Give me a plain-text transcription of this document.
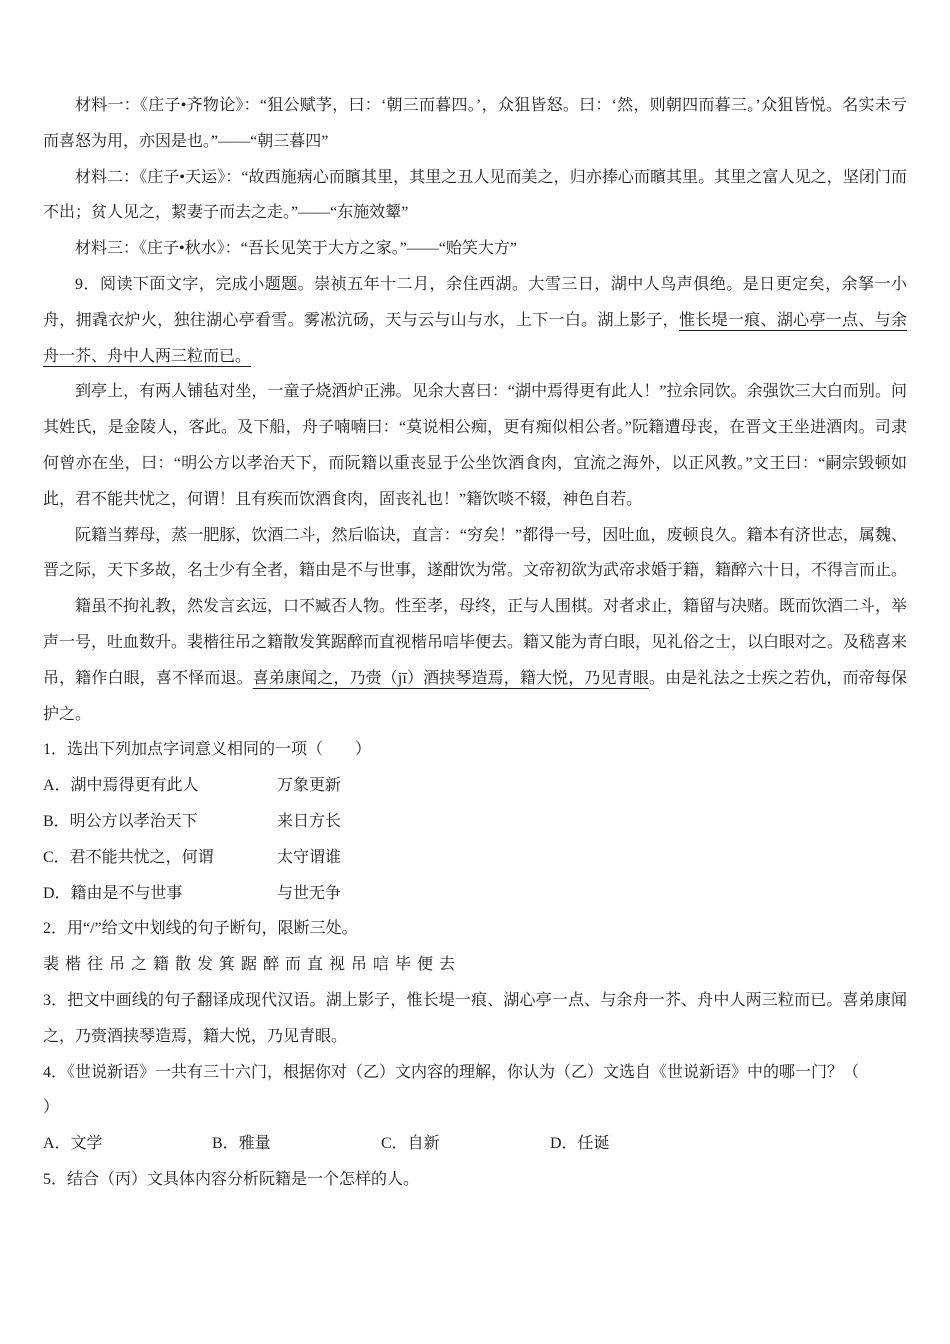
材料一：《庄子•齐物论》：“狙公赋芧，曰：‘朝三而暮四。’，众狙皆怒。曰：‘然，则朝四而暮三。’众狙皆悦。名实未亏而喜怒为用，亦因是也。”——“朝三暮四”

材料二：《庄子•天运》：“故西施病心而矉其里，其里之丑人见而美之，归亦捧心而矉其里。其里之富人见之，坚闭门而不出；贫人见之，絜妻子而去之走。”——“东施效颦”

材料三：《庄子•秋水》：“吾长见笑于大方之家。”——“贻笑大方”

9．阅读下面文字，完成小题题。崇祯五年十二月，余住西湖。大雪三日，湖中人鸟声俱绝。是日更定矣，余拏一小舟，拥毳衣炉火，独往湖心亭看雪。雾凇沆砀，天与云与山与水，上下一白。湖上影子，惟长堤一痕、湖心亭一点、与余舟一芥、舟中人两三粒而已。

到亭上，有两人铺毡对坐，一童子烧酒炉正沸。见余大喜曰：“湖中焉得更有此人！”拉余同饮。余强饮三大白而别。问其姓氏，是金陵人，客此。及下船，舟子喃喃曰：“莫说相公痴，更有痴似相公者。”阮籍遭母丧，在晋文王坐进酒肉。司隶何曾亦在坐，曰：“明公方以孝治天下，而阮籍以重丧显于公坐饮酒食肉，宜流之海外，以正风教。”文王曰：“嗣宗毁顿如此，君不能共忧之，何谓！且有疾而饮酒食肉，固丧礼也！”籍饮啖不辍，神色自若。

阮籍当葬母，蒸一肥豚，饮酒二斗，然后临诀，直言：“穷矣！”都得一号，因吐血，废顿良久。籍本有济世志，属魏、晋之际，天下多故，名士少有全者，籍由是不与世事，遂酣饮为常。文帝初欲为武帝求婚于籍，籍醉六十日，不得言而止。

籍虽不拘礼教，然发言玄远，口不臧否人物。性至孝，母终，正与人围棋。对者求止，籍留与决赌。既而饮酒二斗，举声一号，吐血数升。裴楷往吊之籍散发箕踞醉而直视楷吊唁毕便去。籍又能为青白眼，见礼俗之士，以白眼对之。及嵇喜来吊，籍作白眼，喜不怿而退。喜弟康闻之，乃赍（jī）酒挟琴造焉，籍大悦，乃见青眼。由是礼法之士疾之若仇，而帝每保护之。

1．选出下列加点字词意义相同的一项（　　）

A．湖中焉得更有此人	万象更新

B．明公方以孝治天下	来日方长

C．君不能共忧之，何谓	太守谓谁

D．籍由是不与世事	与世无争

2．用“/”给文中划线的句子断句，限断三处。

裴 楷 往 吊 之 籍 散 发 箕 踞 醉 而 直 视 吊 唁 毕 便 去

3．把文中画线的句子翻译成现代汉语。湖上影子，惟长堤一痕、湖心亭一点、与余舟一芥、舟中人两三粒而已。喜弟康闻之，乃赍酒挟琴造焉，籍大悦，乃见青眼。

4．《世说新语》一共有三十六门，根据你对（乙）文内容的理解，你认为（乙）文选自《世说新语》中的哪一门？（
）

A．文学	B．雅量	C．自新	D．任诞

5．结合（丙）文具体内容分析阮籍是一个怎样的人。
